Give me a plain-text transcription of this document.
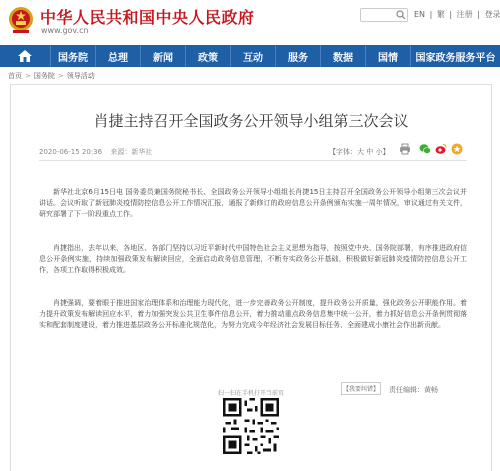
中华人民共和国中央人民政府
www.gov.cn
EN | 繁 | 注册 | 登录
国务院	总理	新闻	政策	互动	服务	数据	国情	国家政务服务平台
首页 > 国务院 > 领导活动
肖捷主持召开全国政务公开领导小组第三次会议
2020-06-15 20:36 来源：新华社	【字体：大 中 小】

新华社北京6月15日电 国务委员兼国务院秘书长、全国政务公开领导小组组长肖捷15日主持召开全国政务公开领导小组第三次会议并讲话。会议听取了新冠肺炎疫情防控信息公开工作情况汇报，通报了新修订的政府信息公开条例颁布实施一周年情况，审议通过有关文件，研究部署了下一阶段重点工作。

肖捷指出，去年以来，各地区、各部门坚持以习近平新时代中国特色社会主义思想为指导，按照党中央、国务院部署，有序推进政府信息公开条例实施，持续加强政策发布解读回应，全面启动政务信息管理，不断夯实政务公开基础，积极做好新冠肺炎疫情防控信息公开工作，各项工作取得积极成效。

肖捷强调，要着眼于推进国家治理体系和治理能力现代化，进一步完善政务公开制度，提升政务公开质量，强化政务公开职能作用。着力提升政策发布解读回应水平，着力加强突发公共卫生事件信息公开，着力推动重点政务信息集中统一公开，着力抓好信息公开条例贯彻落实和配套制度建设，着力推进基层政务公开标准化规范化，为努力完成今年经济社会发展目标任务、全面建成小康社会作出新贡献。

【我要纠错】 责任编辑：黄畅
扫一扫在手机打开当前页
